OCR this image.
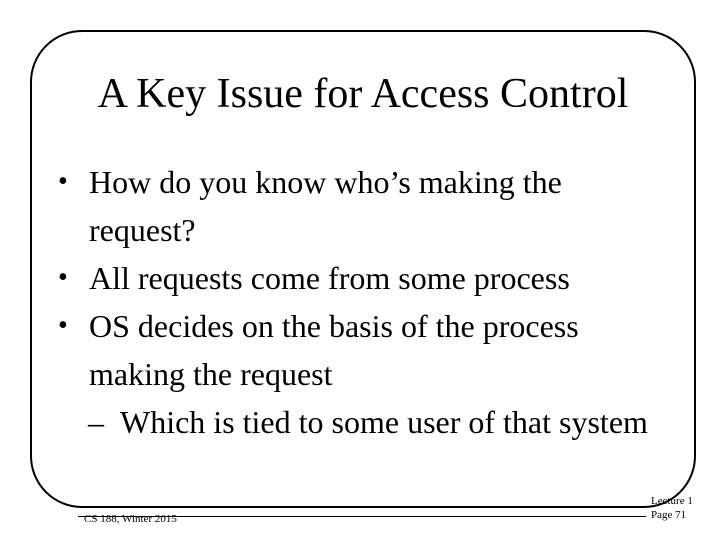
A Key Issue for Access Control
• How do you know who’s making the request?
• All requests come from some process
• OS decides on the basis of the process making the request
– Which is tied to some user of that system
CS 188, Winter 2015
Lecture 1
Page 71
